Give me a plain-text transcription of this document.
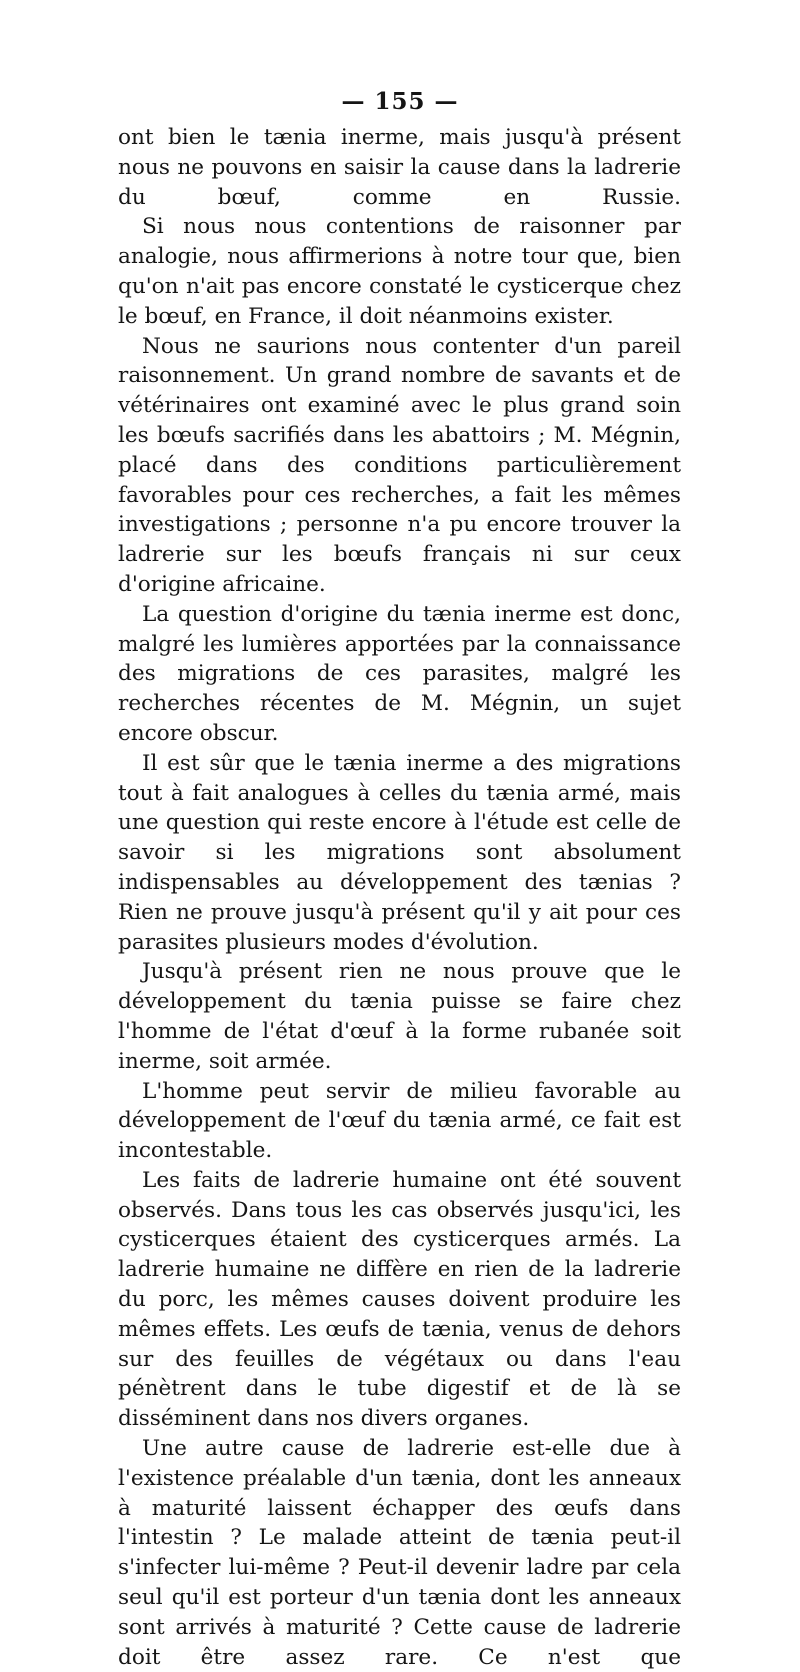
— 155 —

ont bien le tænia inerme, mais jusqu'à présent nous ne pouvons en saisir la cause dans la ladrerie du bœuf, comme en Russie.

Si nous nous contentions de raisonner par analogie, nous affirmerions à notre tour que, bien qu'on n'ait pas encore constaté le cysticerque chez le bœuf, en France, il doit néanmoins exister.

Nous ne saurions nous contenter d'un pareil raisonnement. Un grand nombre de savants et de vétérinaires ont examiné avec le plus grand soin les bœufs sacrifiés dans les abattoirs ; M. Mégnin, placé dans des conditions particulièrement favorables pour ces recherches, a fait les mêmes investigations ; personne n'a pu encore trouver la ladrerie sur les bœufs français ni sur ceux d'origine africaine.

La question d'origine du tænia inerme est donc, malgré les lumières apportées par la connaissance des migrations de ces parasites, malgré les recherches récentes de M. Mégnin, un sujet encore obscur.

Il est sûr que le tænia inerme a des migrations tout à fait analogues à celles du tænia armé, mais une question qui reste encore à l'étude est celle de savoir si les migrations sont absolument indispensables au développement des tænias ? Rien ne prouve jusqu'à présent qu'il y ait pour ces parasites plusieurs modes d'évolution.

Jusqu'à présent rien ne nous prouve que le développement du tænia puisse se faire chez l'homme de l'état d'œuf à la forme rubanée soit inerme, soit armée.

L'homme peut servir de milieu favorable au développement de l'œuf du tænia armé, ce fait est incontestable.

Les faits de ladrerie humaine ont été souvent observés. Dans tous les cas observés jusqu'ici, les cysticerques étaient des cysticerques armés. La ladrerie humaine ne diffère en rien de la ladrerie du porc, les mêmes causes doivent produire les mêmes effets. Les œufs de tænia, venus de dehors sur des feuilles de végétaux ou dans l'eau pénètrent dans le tube digestif et de là se disséminent dans nos divers organes.

Une autre cause de ladrerie est-elle due à l'existence préalable d'un tænia, dont les anneaux à maturité laissent échapper des œufs dans l'intestin ? Le malade atteint de tænia peut-il s'infecter lui-même ? Peut-il devenir ladre par cela seul qu'il est porteur d'un tænia dont les anneaux sont arrivés à maturité ? Cette cause de ladrerie doit être assez rare. Ce n'est que
